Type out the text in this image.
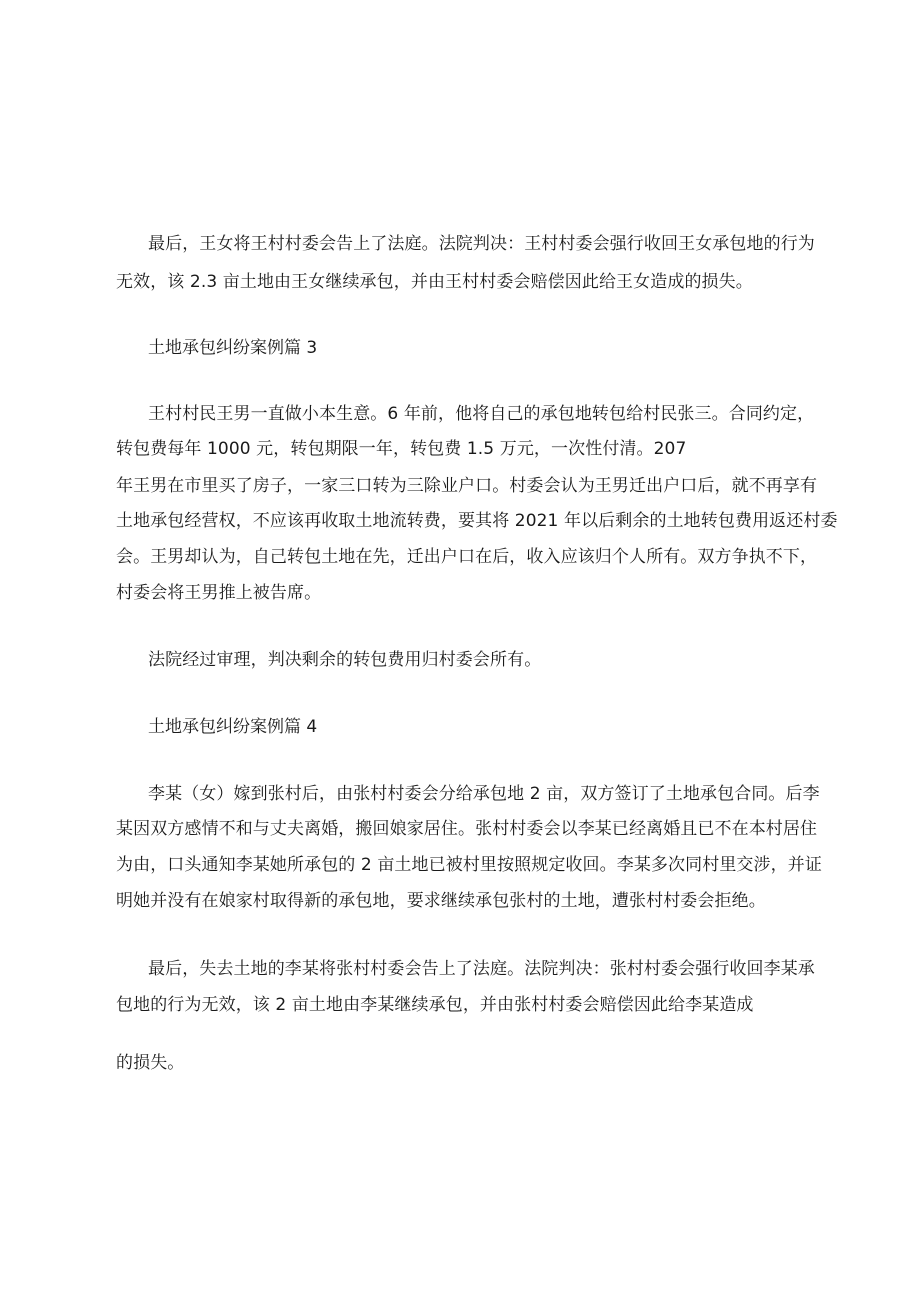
最后，王女将王村村委会告上了法庭。法院判决：王村村委会强行收回王女承包地的行为
无效，该 2.3 亩土地由王女继续承包，并由王村村委会赔偿因此给王女造成的损失。
土地承包纠纷案例篇 3
王村村民王男一直做小本生意。6 年前，他将自己的承包地转包给村民张三。合同约定，
转包费每年 1000 元，转包期限一年，转包费 1.5 万元，一次性付清。207
年王男在市里买了房子，一家三口转为三除业户口。村委会认为王男迁出户口后，就不再享有
土地承包经营权，不应该再收取土地流转费，要其将 2021 年以后剩余的土地转包费用返还村委
会。王男却认为，自己转包土地在先，迁出户口在后，收入应该归个人所有。双方争执不下，
村委会将王男推上被告席。
法院经过审理，判决剩余的转包费用归村委会所有。
土地承包纠纷案例篇 4
李某（女）嫁到张村后，由张村村委会分给承包地 2 亩，双方签订了土地承包合同。后李
某因双方感情不和与丈夫离婚，搬回娘家居住。张村村委会以李某已经离婚且已不在本村居住
为由，口头通知李某她所承包的 2 亩土地已被村里按照规定收回。李某多次同村里交涉，并证
明她并没有在娘家村取得新的承包地，要求继续承包张村的土地，遭张村村委会拒绝。
最后，失去土地的李某将张村村委会告上了法庭。法院判决：张村村委会强行收回李某承
包地的行为无效，该 2 亩土地由李某继续承包，并由张村村委会赔偿因此给李某造成
的损失。
